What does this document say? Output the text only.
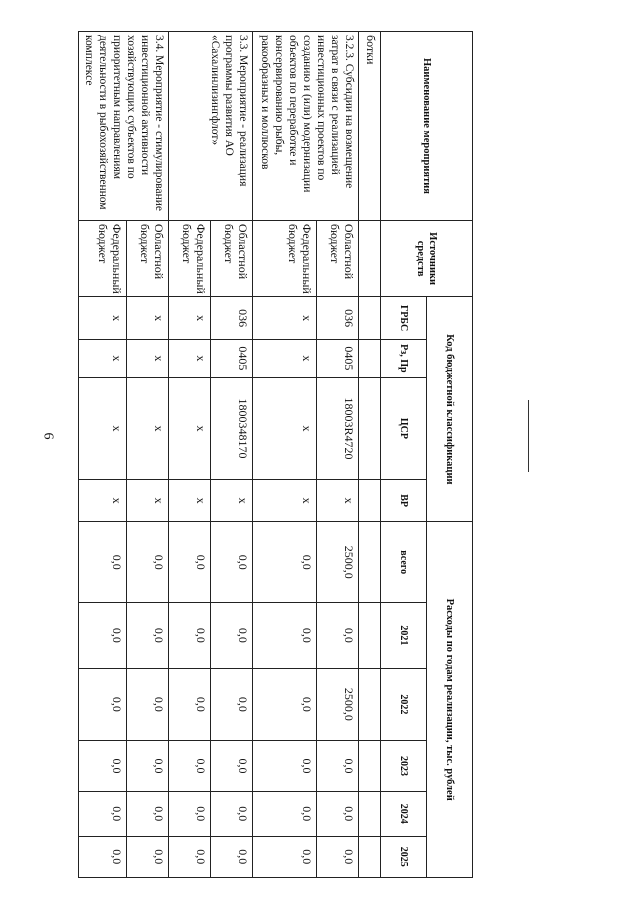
6
Наименование мероприятия	Источники средств	Код бюджетной классификации				Расходы по годам реализации, тыс. рублей					
		ГРБС	Рз, Пр	ЦСР	ВР	всего	2021	2022	2023	2024	2025
ботки											
3.2.3. Субсидии на возмещение затрат в связи с реализацией инвестиционных проектов по созданию и (или) модернизации объектов по переработке и консервированию рыбы, ракообразных и моллюсков	Областной бюджет	036	0405	18003R4720	х	2500,0	0,0	2500,0	0,0	0,0	0,0
	Федеральный бюджет	х	х	х	х	0,0	0,0	0,0	0,0	0,0	0,0
3.3. Мероприятие - реализация программы развития АО «Сахалинлизингфлот»	Областной бюджет	036	0405	1800348170	х	0,0	0,0	0,0	0,0	0,0	0,0
	Федеральный бюджет	х	х	х	х	0,0	0,0	0,0	0,0	0,0	0,0
3.4. Мероприятие - стимулирование инвестиционной активности хозяйствующих субъектов по приоритетным направлениям деятельности в рыбохозяйственном комплексе	Областной бюджет	х	х	х	х	0,0	0,0	0,0	0,0	0,0	0,0
	Федеральный бюджет	х	х	х	х	0,0	0,0	0,0	0,0	0,0	0,0
